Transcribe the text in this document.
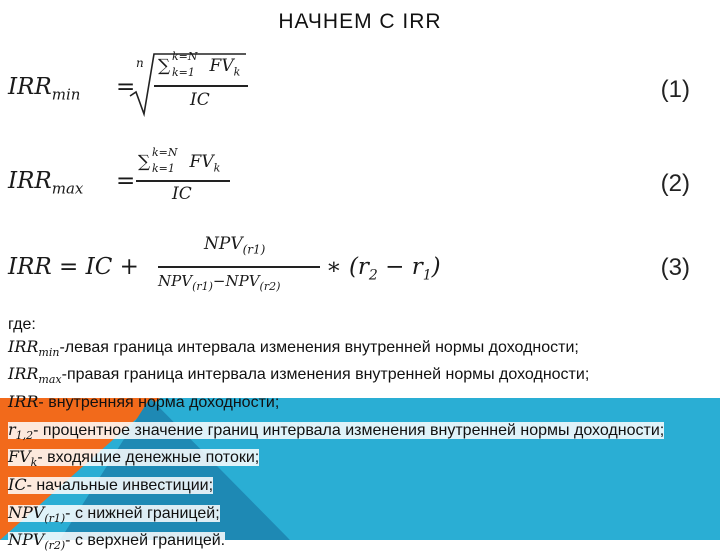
НАЧНЕМ С IRR
$IRR_{min}$ =
n ∑ k=N
k=1 $FV_k$
IC	(1)
$IRR_{max}$ =
∑ k=N
k=1 $FV_k$
IC	(2)
IRR = IC +
$NPV_{(r1)}$
$NPV_{(r1)}-NPV_{(r2)}$
∗ $(r_2 - r_1)$	(3)
где:
$IRR_{min}$-левая граница интервала изменения внутренней нормы доходности;
$IRR_{max}$-правая граница интервала изменения внутренней нормы доходности;
IRR- внутренняя норма доходности;
$r_{1,2}-$ процентное значение границ интервала изменения внутренней нормы доходности;
$FV_k-$ входящие денежные потоки;
IC- начальные инвестиции;
$NPV_{(r1)}-$ с нижней границей;
$NPV_{(r2)}-$ с верхней границей.
